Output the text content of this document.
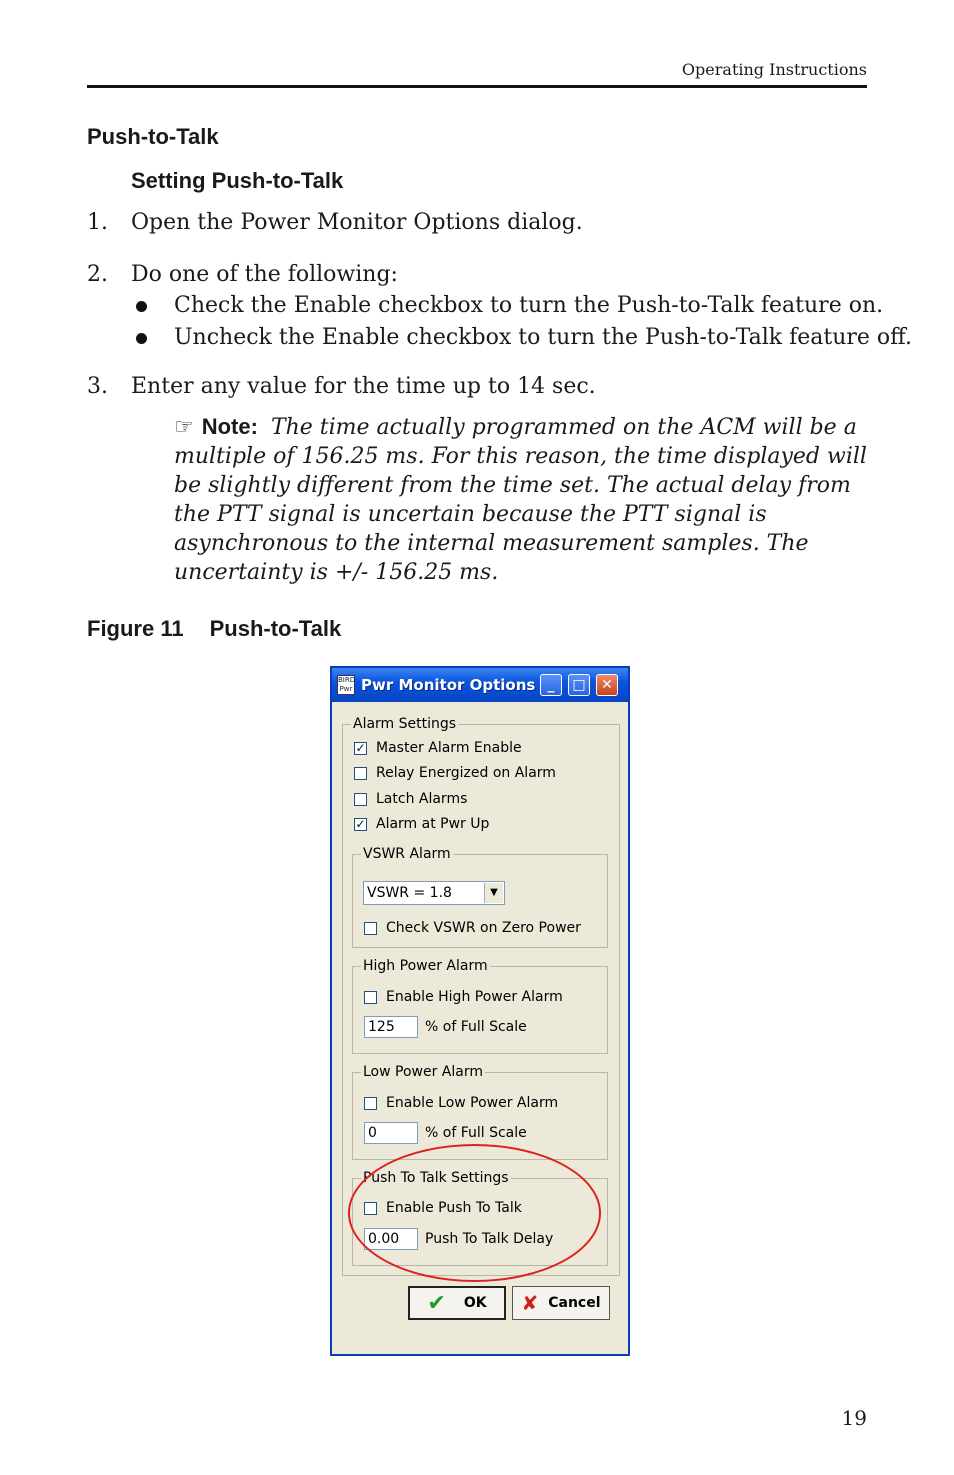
Operating Instructions
Push-to-Talk
Setting Push-to-Talk
1. Open the Power Monitor Options dialog.
2. Do one of the following:
Check the Enable checkbox to turn the Push-to-Talk feature on.
Uncheck the Enable checkbox to turn the Push-to-Talk feature off.
3. Enter any value for the time up to 14 sec.
☞ Note: The time actually programmed on the ACM will be a multiple of 156.25 ms. For this reason, the time displayed will be slightly different from the time set. The actual delay from the PTT signal is uncertain because the PTT signal is asynchronous to the internal measurement samples. The uncertainty is +/- 156.25 ms.
Figure 11 Push-to-Talk
BIRD Pwr Pwr Monitor Options _	□	✕
Alarm Settings
✓ Master Alarm Enable
Relay Energized on Alarm
Latch Alarms
✓ Alarm at Pwr Up
VSWR Alarm
VSWR = 1.8	▼
Check VSWR on Zero Power
High Power Alarm
Enable High Power Alarm
125	% of Full Scale
Low Power Alarm
Enable Low Power Alarm
0	% of Full Scale
Push To Talk Settings
Enable Push To Talk
0.00	Push To Talk Delay
✔ OK ✘ Cancel
19
